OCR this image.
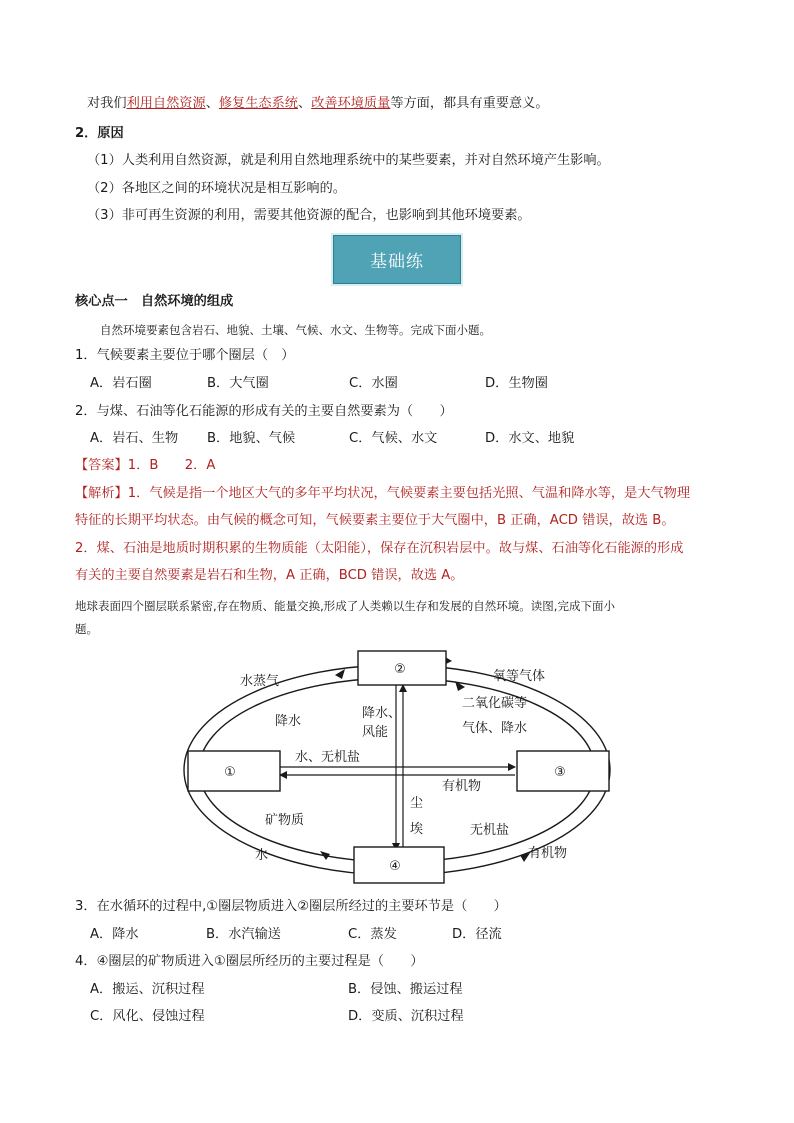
对我们利用自然资源、修复生态系统、改善环境质量等方面，都具有重要意义。
2．原因
（1）人类利用自然资源，就是利用自然地理系统中的某些要素，并对自然环境产生影响。
（2）各地区之间的环境状况是相互影响的。
（3）非可再生资源的利用，需要其他资源的配合，也影响到其他环境要素。
基础练
核心点一　自然环境的组成
自然环境要素包含岩石、地貌、土壤、气候、水文、生物等。完成下面小题。
1．气候要素主要位于哪个圈层（　）
A．岩石圈	B．大气圈	C．水圈	D．生物圈
2．与煤、石油等化石能源的形成有关的主要自然要素为（　　）
A．岩石、生物 B．地貌、气候	C．气候、水文	D．水文、地貌
【答案】1．B　　2．A
【解析】1．气候是指一个地区大气的多年平均状况，气候要素主要包括光照、气温和降水等，是大气物理
特征的长期平均状态。由气候的概念可知，气候要素主要位于大气圈中，B 正确，ACD 错误，故选 B。
2．煤、石油是地质时期积累的生物质能（太阳能），保存在沉积岩层中。故与煤、石油等化石能源的形成
有关的主要自然要素是岩石和生物，A 正确，BCD 错误，故选 A。
地球表面四个圈层联系紧密,存在物质、能量交换,形成了人类赖以生存和发展的自然环境。读图,完成下面小
题。
②
①	③
④
水蒸气
降水
降水、
风能
氧等气体
二氧化碳等
气体、降水
水、无机盐
有机物
矿物质
尘
埃	无机盐
水	有机物
3．在水循环的过程中,①圈层物质进入②圈层所经过的主要环节是（　　）
A．降水	B．水汽输送	C．蒸发	D．径流
4．④圈层的矿物质进入①圈层所经历的主要过程是（　　）
A．搬运、沉积过程	B．侵蚀、搬运过程
C．风化、侵蚀过程	D．变质、沉积过程
